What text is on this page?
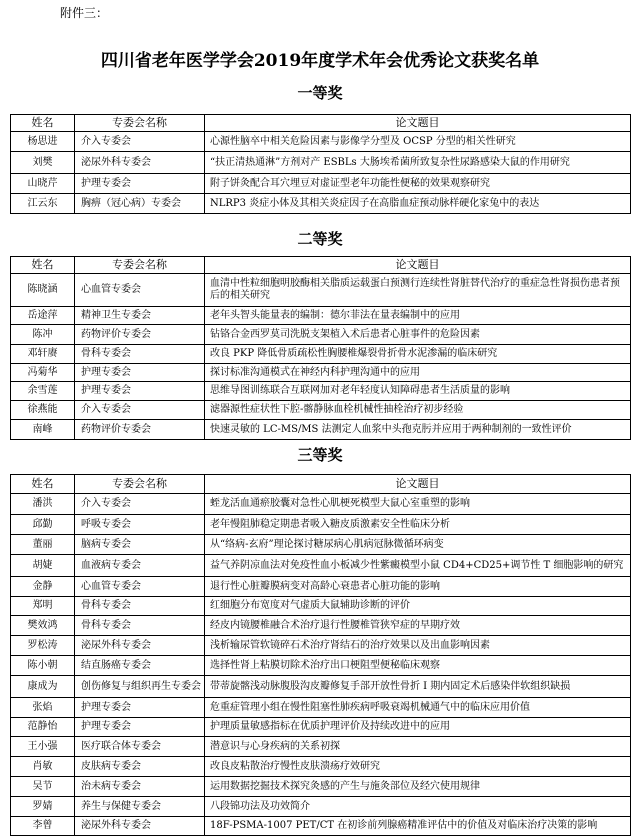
附件三：
四川省老年医学学会2019年度学术年会优秀论文获奖名单
一等奖
姓名	专委会名称	论文题目
杨思进	介入专委会	心源性脑卒中相关危险因素与影像学分型及 OCSP 分型的相关性研究
刘樊	泌尿外科专委会	“扶正清热通淋”方剂对产 ESBLs 大肠埃希菌所致复杂性尿路感染大鼠的作用研究
山晓芹	护理专委会	附子饼灸配合耳穴埋豆对虚证型老年功能性便秘的效果观察研究
江云东	胸痹（冠心病）专委会	NLRP3 炎症小体及其相关炎症因子在高脂血症预动脉样硬化家兔中的表达
二等奖
姓名	专委会名称	论文题目
陈晓涵	心血管专委会	血清中性粒细胞明胶酶相关脂质运载蛋白预测行连续性肾脏替代治疗的重症急性肾损伤患者预后的相关研究
岳途萍	精神卫生专委会	老年头智头能量表的编制：德尔菲法在量表编制中的应用
陈冲	药物评价专委会	钻铬合金西罗莫司洗脱支架植入术后患者心脏事件的危险因素
邓轩赓	骨科专委会	改良 PKP 降低骨质疏松性胸腰椎爆裂骨折骨水泥渗漏的临床研究
冯菊华	护理专委会	探讨标准沟通模式在神经内科护理沟通中的应用
余雪莲	护理专委会	思维导图训练联合互联网加对老年轻度认知障碍患者生活质量的影响
徐燕能	介入专委会	滤器源性症状性下腔-髂静脉血栓机械性抽栓治疗初步经验
南峰	药物评价专委会	快速灵敏的 LC-MS/MS 法测定人血浆中头孢克肟并应用于两种制剂的一致性评价
三等奖
姓名	专委会名称	论文题目
潘洪	介入专委会	蛭龙活血通瘀胶囊对急性心肌梗死模型大鼠心室重塑的影响
邱勤	呼吸专委会	老年慢阻肺稳定期患者吸入糖皮质激素安全性临床分析
董丽	脑病专委会	从“络病-玄府”理论探讨糖尿病心肌病冠脉微循环病变
胡婕	血液病专委会	益气养阴凉血法对免疫性血小板减少性紫癜模型小鼠 CD4+CD25+调节性 T 细胞影响的研究
金静	心血管专委会	退行性心脏瓣膜病变对高龄心衰患者心脏功能的影响
郑明	骨科专委会	红细胞分布宽度对气虚质大鼠辅助诊断的评价
樊效鸿	骨科专委会	经皮内镜腰椎融合术治疗退行性腰椎管狭窄症的早期疗效
罗松涛	泌尿外科专委会	浅析输尿管软镜碎石术治疗肾结石的治疗效果以及出血影响因素
陈小朝	结直肠癌专委会	选择性肾上粘膜切除术治疗出口梗阻型便秘临床观察
康成为	创伤修复与组织再生专委会	带蒂旋髂浅动脉腹股沟皮瓣修复手部开放性骨折 I 期内固定术后感染伴软组织缺损
张焰	护理专委会	危重症管理小组在慢性阻塞性肺疾病呼吸衰竭机械通气中的临床应用价值
范静怡	护理专委会	护理质量敏感指标在优质护理评价及持续改进中的应用
王小强	医疗联合体专委会	潜意识与心身疾病的关系初探
肖敏	皮肤病专委会	改良皮粘散治疗慢性皮肤溃疡疗效研究
吴节	治未病专委会	运用数据挖掘技术探究灸感的产生与施灸部位及经穴使用规律
罗婧	养生与保健专委会	八段锦功法及功效简介
李曾	泌尿外科专委会	18F-PSMA-1007 PET/CT 在初诊前列腺癌精准评估中的价值及对临床治疗决策的影响
